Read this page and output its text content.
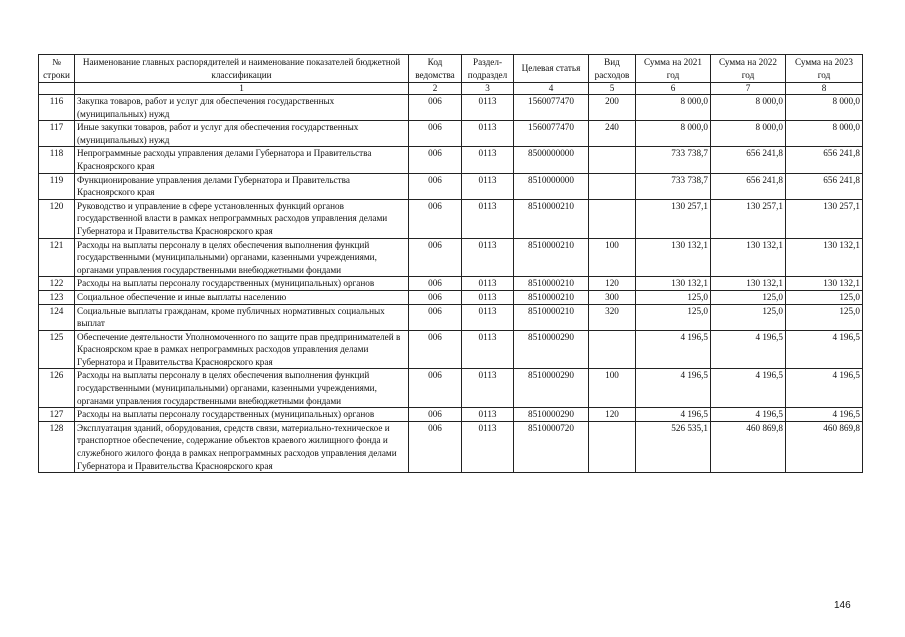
№ строки	Наименование главных распорядителей и наименование показателей бюджетной классификации	Код ведомства	Раздел-подраздел	Целевая статья	Вид расходов	Сумма на 2021 год	Сумма на 2022 год	Сумма на 2023 год
	1	2	3	4	5	6	7	8
116	Закупка товаров, работ и услуг для обеспечения государственных (муниципальных) нужд	006	0113	1560077470	200	8 000,0	8 000,0	8 000,0
117	Иные закупки товаров, работ и услуг для обеспечения государственных (муниципальных) нужд	006	0113	1560077470	240	8 000,0	8 000,0	8 000,0
118	Непрограммные расходы управления делами Губернатора и Правительства Красноярского края	006	0113	8500000000		733 738,7	656 241,8	656 241,8
119	Функционирование управления делами Губернатора и Правительства Красноярского края	006	0113	8510000000		733 738,7	656 241,8	656 241,8
120	Руководство и управление в сфере установленных функций органов государственной власти в рамках непрограммных расходов управления делами Губернатора и Правительства Красноярского края	006	0113	8510000210		130 257,1	130 257,1	130 257,1
121	Расходы на выплаты персоналу в целях обеспечения выполнения функций государственными (муниципальными) органами, казенными учреждениями, органами управления государственными внебюджетными фондами	006	0113	8510000210	100	130 132,1	130 132,1	130 132,1
122	Расходы на выплаты персоналу государственных (муниципальных) органов	006	0113	8510000210	120	130 132,1	130 132,1	130 132,1
123	Социальное обеспечение и иные выплаты населению	006	0113	8510000210	300	125,0	125,0	125,0
124	Социальные выплаты гражданам, кроме публичных нормативных социальных выплат	006	0113	8510000210	320	125,0	125,0	125,0
125	Обеспечение деятельности Уполномоченного по защите прав предпринимателей в Красноярском крае в рамках непрограммных расходов управления делами Губернатора и Правительства Красноярского края	006	0113	8510000290		4 196,5	4 196,5	4 196,5
126	Расходы на выплаты персоналу в целях обеспечения выполнения функций государственными (муниципальными) органами, казенными учреждениями, органами управления государственными внебюджетными фондами	006	0113	8510000290	100	4 196,5	4 196,5	4 196,5
127	Расходы на выплаты персоналу государственных (муниципальных) органов	006	0113	8510000290	120	4 196,5	4 196,5	4 196,5
128	Эксплуатация зданий, оборудования, средств связи, материально-техническое и транспортное обеспечение, содержание объектов краевого жилищного фонда и служебного жилого фонда в рамках непрограммных расходов управления делами Губернатора и Правительства Красноярского края	006	0113	8510000720		526 535,1	460 869,8	460 869,8
146
